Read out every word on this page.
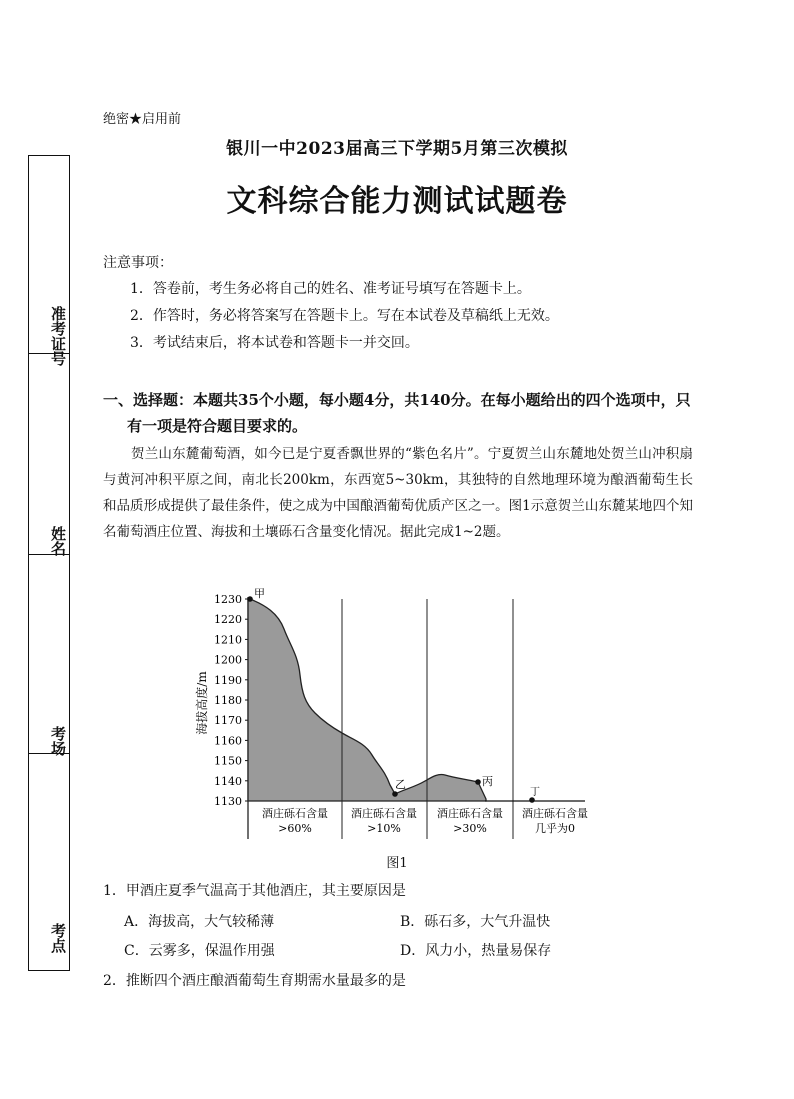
准考证号
姓名
考场
考点
绝密★启用前
银川一中2023届高三下学期5月第三次模拟
文科综合能力测试试题卷
注意事项：
1．答卷前，考生务必将自己的姓名、准考证号填写在答题卡上。
2．作答时，务必将答案写在答题卡上。写在本试卷及草稿纸上无效。
3．考试结束后，将本试卷和答题卡一并交回。
一、选择题：本题共35个小题，每小题4分，共140分。在每小题给出的四个选项中，只
有一项是符合题目要求的。
贺兰山东麓葡萄酒，如今已是宁夏香飘世界的“紫色名片”。宁夏贺兰山东麓地处贺兰山冲积扇与黄河冲积平原之间，南北长200km，东西宽5~30km，其独特的自然地理环境为酿酒葡萄生长和品质形成提供了最佳条件，使之成为中国酿酒葡萄优质产区之一。图1示意贺兰山东麓某地四个知名葡萄酒庄位置、海拔和土壤砾石含量变化情况。据此完成1~2题。
1230
1220
1210
1200
1190
1180
1170
1160
1150
1140
1130
海拔高度/m
甲
乙	丙
丁
酒庄砾石含量
>60%
酒庄砾石含量
>10%
酒庄砾石含量
>30%
酒庄砾石含量
几乎为0
图1
1．甲酒庄夏季气温高于其他酒庄，其主要原因是
A．海拔高，大气较稀薄	B．砾石多，大气升温快
C．云雾多，保温作用强	D．风力小，热量易保存
2．推断四个酒庄酿酒葡萄生育期需水量最多的是
